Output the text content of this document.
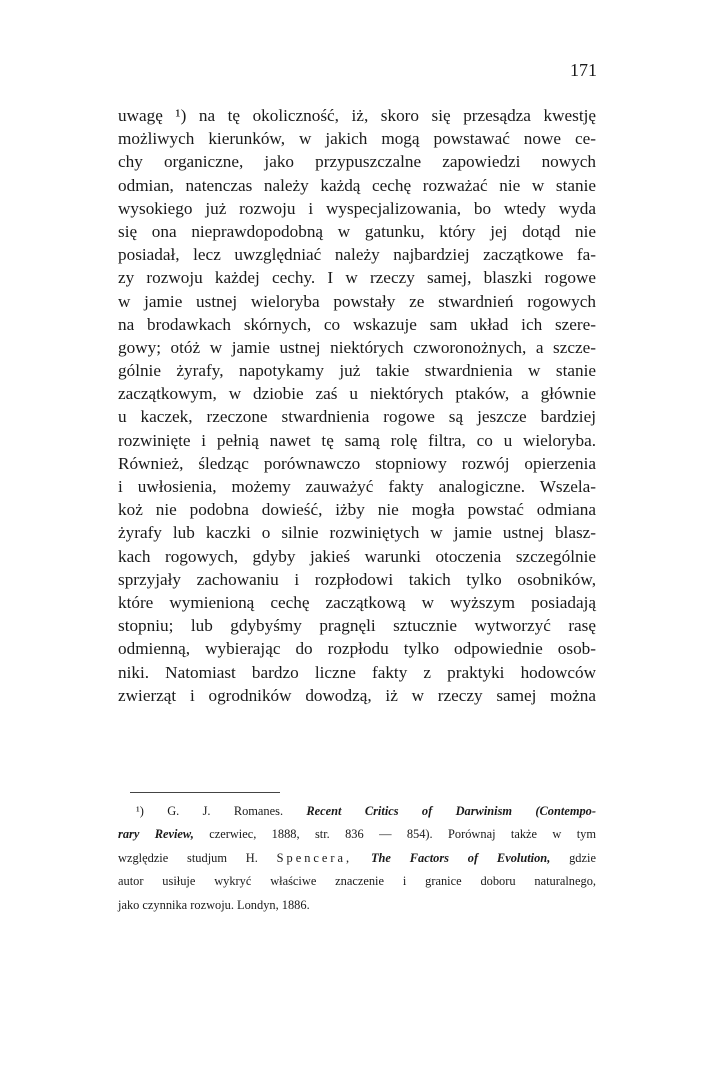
171
uwagę ¹) na tę okoliczność, iż, skoro się przesądza kwestję
możliwych kierunków, w jakich mogą powstawać nowe ce-
chy organiczne, jako przypuszczalne zapowiedzi nowych
odmian, natenczas należy każdą cechę rozważać nie w stanie
wysokiego już rozwoju i wyspecjalizowania, bo wtedy wyda
się ona nieprawdopodobną w gatunku, który jej dotąd nie
posiadał, lecz uwzględniać należy najbardziej zaczątkowe fa-
zy rozwoju każdej cechy. I w rzeczy samej, blaszki rogowe
w jamie ustnej wieloryba powstały ze stwardnień rogowych
na brodawkach skórnych, co wskazuje sam układ ich szere-
gowy; otóż w jamie ustnej niektórych czworonożnych, a szcze-
gólnie żyrafy, napotykamy już takie stwardnienia w stanie
zaczątkowym, w dziobie zaś u niektórych ptaków, a głównie
u kaczek, rzeczone stwardnienia rogowe są jeszcze bardziej
rozwinięte i pełnią nawet tę samą rolę filtra, co u wieloryba.
Również, śledząc porównawczo stopniowy rozwój opierzenia
i uwłosienia, możemy zauważyć fakty analogiczne. Wszela-
koż nie podobna dowieść, iżby nie mogła powstać odmiana
żyrafy lub kaczki o silnie rozwiniętych w jamie ustnej blasz-
kach rogowych, gdyby jakieś warunki otoczenia szczególnie
sprzyjały zachowaniu i rozpłodowi takich tylko osobników,
które wymienioną cechę zaczątkową w wyższym posiadają
stopniu; lub gdybyśmy pragnęli sztucznie wytworzyć rasę
odmienną, wybierając do rozpłodu tylko odpowiednie osob-
niki. Natomiast bardzo liczne fakty z praktyki hodowców
zwierząt i ogrodników dowodzą, iż w rzeczy samej można
¹) G. J. Romanes. Recent Critics of Darwinism (Contempo-
rary Review, czerwiec, 1888, str. 836 — 854). Porównaj także w tym
względzie studjum H. Spencera, The Factors of Evolution, gdzie
autor usiłuje wykryć właściwe znaczenie i granice doboru naturalnego,
jako czynnika rozwoju. Londyn, 1886.
